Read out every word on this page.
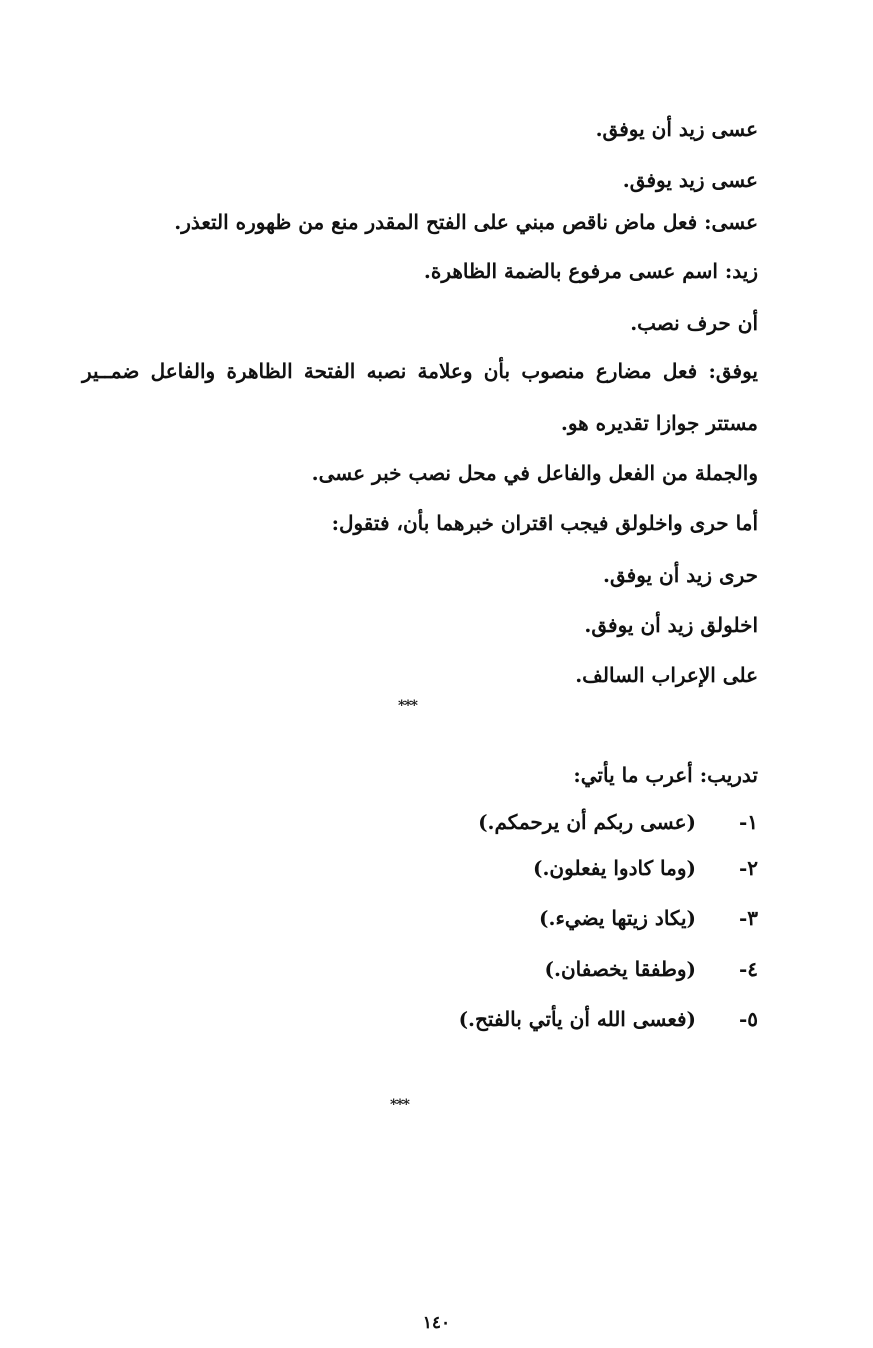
عسى زيد أن يوفق.
عسى زيد يوفق.
عسى: فعل ماض ناقص مبني على الفتح المقدر منع من ظهوره التعذر.
زيد: اسم عسى مرفوع بالضمة الظاهرة.
أن حرف نصب.
يوفق: فعل مضارع منصوب بأن وعلامة نصبه الفتحة الظاهرة والفاعل ضمــير
مستتر جوازا تقديره هو.
والجملة من الفعل والفاعل في محل نصب خبر عسى.
أما حرى واخلولق فيجب اقتران خبرهما بأن، فتقول:
حرى زيد أن يوفق.
اخلولق زيد أن يوفق.
على الإعراب السالف.
***
تدريب: أعرب ما يأتي:
١-
(عسى ربكم أن يرحمكم.)
٢-
(وما كادوا يفعلون.)
٣-
(يكاد زيتها يضيء.)
٤-
(وطفقا يخصفان.)
٥-
(فعسى الله أن يأتي بالفتح.)
***
١٤٠
